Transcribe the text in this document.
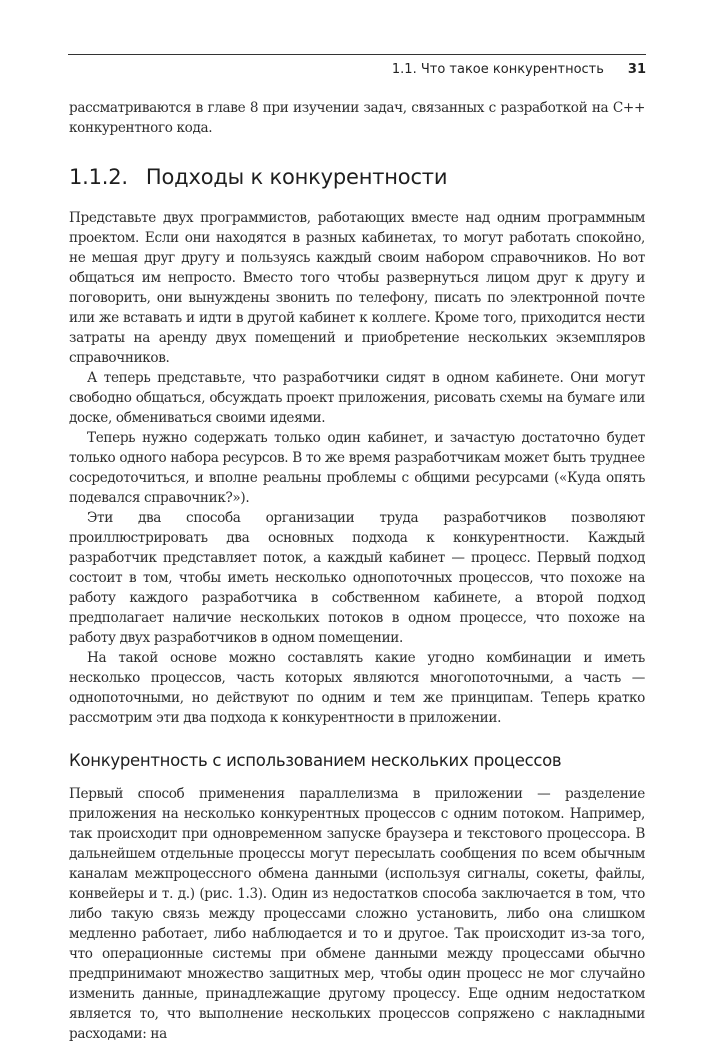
1.1. Что такое конкурентность 31

рассматриваются в главе 8 при изучении задач, связанных с разработкой на C++ конкурентного кода.

1.1.2. Подходы к конкурентности

Представьте двух программистов, работающих вместе над одним программным проектом. Если они находятся в разных кабинетах, то могут работать спокойно, не мешая друг другу и пользуясь каждый своим набором справочников. Но вот общаться им непросто. Вместо того чтобы развернуться лицом друг к другу и поговорить, они вынуждены звонить по телефону, писать по электронной почте или же вставать и идти в другой кабинет к коллеге. Кроме того, приходится нести затраты на аренду двух помещений и приобретение нескольких экземпляров справочников.

А теперь представьте, что разработчики сидят в одном кабинете. Они могут свободно общаться, обсуждать проект приложения, рисовать схемы на бумаге или доске, обмениваться своими идеями.

Теперь нужно содержать только один кабинет, и зачастую достаточно будет только одного набора ресурсов. В то же время разработчикам может быть труднее сосредоточиться, и вполне реальны проблемы с общими ресурсами («Куда опять подевался справочник?»).

Эти два способа организации труда разработчиков позволяют проиллюстрировать два основных подхода к конкурентности. Каждый разработчик представляет поток, а каждый кабинет — процесс. Первый подход состоит в том, чтобы иметь несколько однопоточных процессов, что похоже на работу каждого разработчика в собственном кабинете, а второй подход предполагает наличие нескольких потоков в одном процессе, что похоже на работу двух разработчиков в одном помещении.

На такой основе можно составлять какие угодно комбинации и иметь несколько процессов, часть которых являются многопоточными, а часть — однопоточными, но действуют по одним и тем же принципам. Теперь кратко рассмотрим эти два подхода к конкурентности в приложении.

Конкурентность с использованием нескольких процессов

Первый способ применения параллелизма в приложении — разделение приложения на несколько конкурентных процессов с одним потоком. Например, так происходит при одновременном запуске браузера и текстового процессора. В дальнейшем отдельные процессы могут пересылать сообщения по всем обычным каналам межпроцессного обмена данными (используя сигналы, сокеты, файлы, конвейеры и т. д.) (рис. 1.3). Один из недостатков способа заключается в том, что либо такую связь между процессами сложно установить, либо она слишком медленно работает, либо наблюдается и то и другое. Так происходит из-за того, что операционные системы при обмене данными между процессами обычно предпринимают множество защитных мер, чтобы один процесс не мог случайно изменить данные, принадлежащие другому процессу. Еще одним недостатком является то, что выполнение нескольких процессов сопряжено с накладными расходами: на
